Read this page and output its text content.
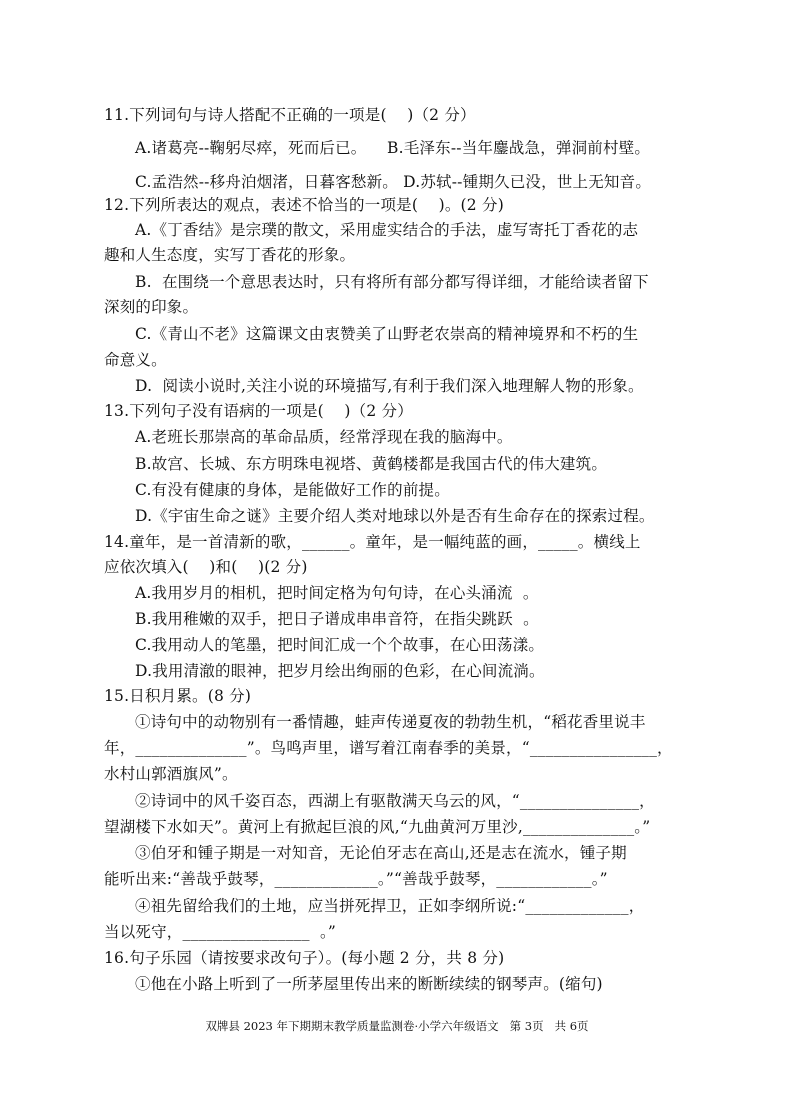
11.下列词句与诗人搭配不正确的一项是(    )（2 分）
A.诸葛亮--鞠躬尽瘁，死而后已。    B.毛泽东--当年鏖战急，弹洞前村壁。
C.孟浩然--移舟泊烟渚，日暮客愁新。 D.苏轼--锺期久已没，世上无知音。
12.下列所表达的观点，表述不恰当的一项是(    )。(2 分)
A.《丁香结》是宗璞的散文，采用虚实结合的手法，虚写寄托丁香花的志
趣和人生态度，实写丁香花的形象。
B.  在围绕一个意思表达时，只有将所有部分都写得详细，才能给读者留下
深刻的印象。
C.《青山不老》这篇课文由衷赞美了山野老农崇高的精神境界和不朽的生
命意义。
D.  阅读小说时,关注小说的环境描写,有利于我们深入地理解人物的形象。
13.下列句子没有语病的一项是(    )（2 分）
A.老班长那崇高的革命品质，经常浮现在我的脑海中。
B.故宫、长城、东方明珠电视塔、黄鹤楼都是我国古代的伟大建筑。
C.有没有健康的身体，是能做好工作的前提。
D.《宇宙生命之谜》主要介绍人类对地球以外是否有生命存在的探索过程。
14.童年，是一首清新的歌，______。童年，是一幅纯蓝的画，_____。横线上
应依次填入(    )和(    )(2 分)
A.我用岁月的相机，把时间定格为句句诗，在心头涌流  。
B.我用稚嫩的双手，把日子谱成串串音符，在指尖跳跃  。
C.我用动人的笔墨，把时间汇成一个个故事，在心田荡漾。
D.我用清澈的眼神，把岁月绘出绚丽的色彩，在心间流淌。
15.日积月累。(8 分)
①诗句中的动物别有一番情趣，蛙声传递夏夜的勃勃生机，“稻花香里说丰
年，______________”。鸟鸣声里，谱写着江南春季的美景，“________________，
水村山郭酒旗风”。
②诗词中的风千姿百态，西湖上有驱散满天乌云的风，“_______________，
望湖楼下水如天”。黄河上有掀起巨浪的风,“九曲黄河万里沙,______________。”
③伯牙和锺子期是一对知音，无论伯牙志在高山,还是志在流水，锺子期
能听出来:“善哉乎鼓琴，_____________。”“善哉乎鼓琴，____________。”
④祖先留给我们的土地，应当拼死捍卫，正如李纲所说:“_____________，
当以死守，________________  。”
16.句子乐园（请按要求改句子）。(每小题 2 分，共 8 分)
①他在小路上听到了一所茅屋里传出来的断断续续的钢琴声。(缩句)
双牌县 2023 年下期期末教学质量监测卷·小学六年级语文   第 3页   共 6页
